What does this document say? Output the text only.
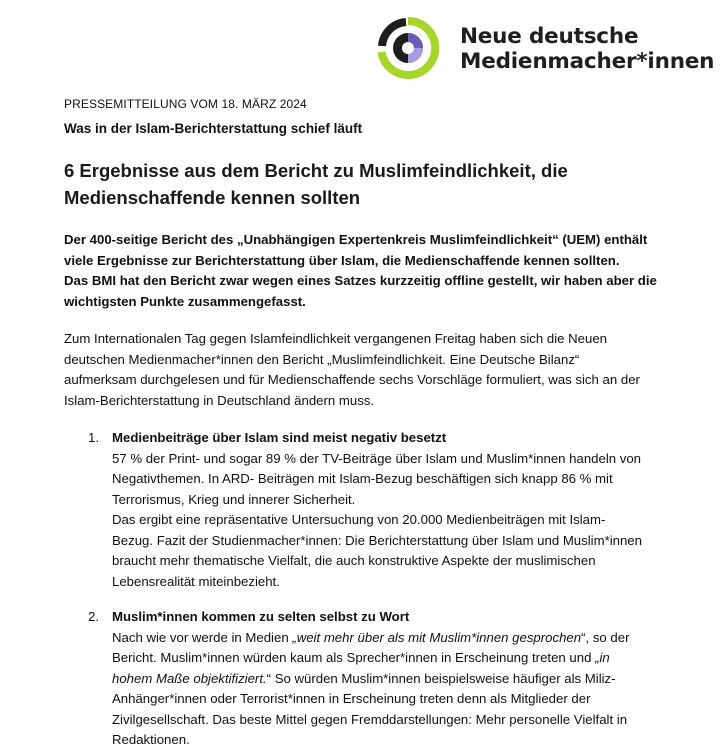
Neue deutsche
Medienmacher*innen
PRESSEMITTEILUNG VOM 18. MÄRZ 2024
Was in der Islam-Berichterstattung schief läuft
6 Ergebnisse aus dem Bericht zu Muslimfeindlichkeit, die Medienschaffende kennen sollten
Der 400-seitige Bericht des „Unabhängigen Expertenkreis Muslimfeindlichkeit“ (UEM) enthält
viele Ergebnisse zur Berichterstattung über Islam, die Medienschaffende kennen sollten.
Das BMI hat den Bericht zwar wegen eines Satzes kurzzeitig offline gestellt, wir haben aber die
wichtigsten Punkte zusammengefasst.
Zum Internationalen Tag gegen Islamfeindlichkeit vergangenen Freitag haben sich die Neuen
deutschen Medienmacher*innen den Bericht „Muslimfeindlichkeit. Eine Deutsche Bilanz“
aufmerksam durchgelesen und für Medienschaffende sechs Vorschläge formuliert, was sich an der
Islam-Berichterstattung in Deutschland ändern muss.
1. Medienbeiträge über Islam sind meist negativ besetzt
57 % der Print- und sogar 89 % der TV-Beiträge über Islam und Muslim*innen handeln von
Negativthemen. In ARD- Beiträgen mit Islam-Bezug beschäftigen sich knapp 86 % mit
Terrorismus, Krieg und innerer Sicherheit.
Das ergibt eine repräsentative Untersuchung von 20.000 Medienbeiträgen mit Islam-
Bezug. Fazit der Studienmacher*innen: Die Berichterstattung über Islam und Muslim*innen
braucht mehr thematische Vielfalt, die auch konstruktive Aspekte der muslimischen
Lebensrealität miteinbezieht.
2. Muslim*innen kommen zu selten selbst zu Wort
Nach wie vor werde in Medien „weit mehr über als mit Muslim*innen gesprochen“, so der
Bericht. Muslim*innen würden kaum als Sprecher*innen in Erscheinung treten und „in
hohem Maße objektifiziert.“ So würden Muslim*innen beispielsweise häufiger als Miliz-
Anhänger*innen oder Terrorist*innen in Erscheinung treten denn als Mitglieder der
Zivilgesellschaft. Das beste Mittel gegen Fremddarstellungen: Mehr personelle Vielfalt in
Redaktionen.
